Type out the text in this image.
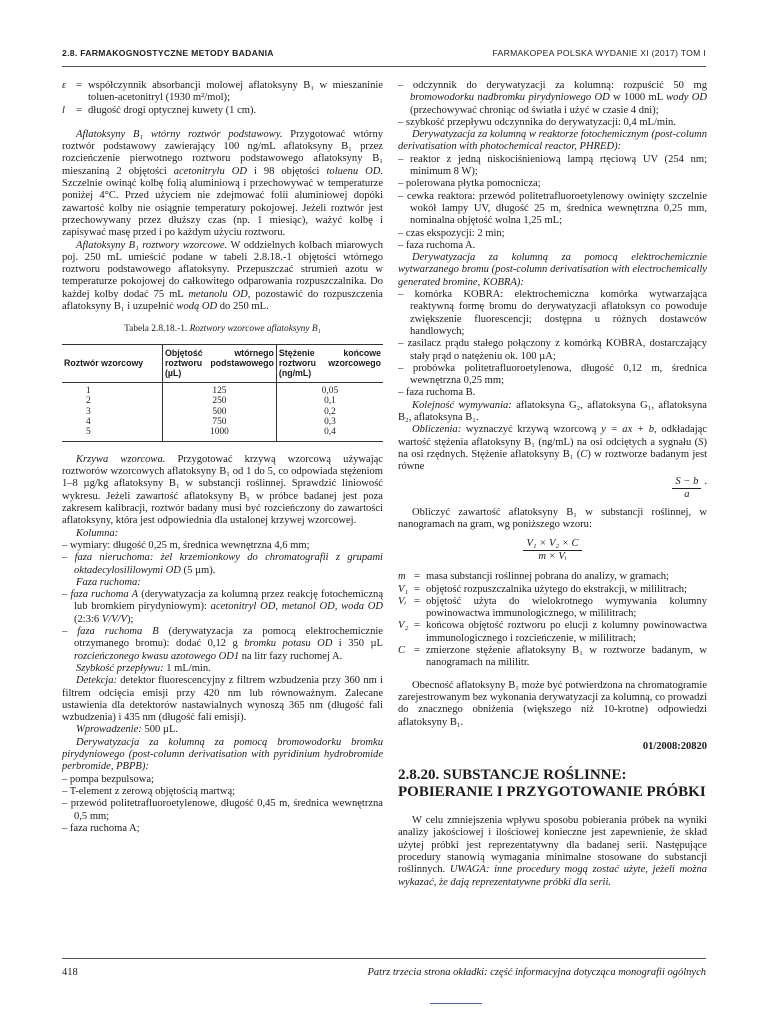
2.8. FARMAKOGNOSTYCZNE METODY BADANIA	FARMAKOPEA POLSKA WYDANIE XI (2017) TOM I
ε = współczynnik absorbancji molowej aflatoksyny B₁ w mieszaninie toluen-acetonitryl (1930 m²/mol);
l	= długość drogi optycznej kuwety (1 cm).

Aflatoksyny B₁ wtórny roztwór podstawowy. Przygotować wtórny roztwór podstawowy zawierający 100 ng/mL aflatoksyny B₁ przez rozcieńczenie pierwotnego roztworu podstawowego aflatoksyny B₁ mieszaniną 2 objętości acetonitrylu OD i 98 objętości toluenu OD. Szczelnie owinąć kolbę folią aluminiową i przechowywać w temperaturze poniżej 4°C. Przed użyciem nie zdejmować folii aluminiowej dopóki zawartość kolby nie osiągnie temperatury pokojowej. Jeżeli roztwór jest przechowywany przez dłuższy czas (np. 1 miesiąc), ważyć kolbę i zapisywać masę przed i po każdym użyciu roztworu.

Aflatoksyny B₁ roztwory wzorcowe. W oddzielnych kolbach miarowych poj. 250 mL umieścić podane w tabeli 2.8.18.-1 objętości wtórnego roztworu podstawowego aflatoksyny. Przepuszczać strumień azotu w temperaturze pokojowej do całkowitego odparowania rozpuszczalnika. Do każdej kolby dodać 75 mL metanolu OD, pozostawić do rozpuszczenia aflatoksyny B₁ i uzupełnić wodą OD do 250 mL.

Tabela 2.8.18.-1. Roztwory wzorcowe aflatoksyny B₁
Roztwór wzorcowy	Objętość wtórnego roztworu podstawowego (µL)	Stężenie końcowe roztworu wzorcowego (ng/mL)
1	125	0,05
2	250	0,1
3	500	0,2
4	750	0,3
5	1000	0,4

Krzywa wzorcowa. Przygotować krzywą wzorcową używając roztworów wzorcowych aflatoksyny B₁ od 1 do 5, co odpowiada stężeniom 1–8 µg/kg aflatoksyny B₁ w substancji roślinnej. Sprawdzić liniowość wykresu. Jeżeli zawartość aflatoksyny B₁ w próbce badanej jest poza zakresem kalibracji, roztwór badany musi być rozcieńczony do zawartości aflatoksyny, która jest odpowiednia dla ustalonej krzywej wzorcowej.

Kolumna:

– wymiary: długość 0,25 m, średnica wewnętrzna 4,6 mm;

– faza nieruchoma: żel krzemionkowy do chromatografii z grupami oktadecylosililowymi OD (5 µm).

Faza ruchoma:

– faza ruchoma A (derywatyzacja za kolumną przez reakcję fotochemiczną lub bromkiem pirydyniowym): acetonitryl OD, metanol OD, woda OD (2:3:6 V/V/V);

– faza ruchoma B (derywatyzacja za pomocą elektrochemicznie otrzymanego bromu): dodać 0,12 g bromku potasu OD i 350 µL rozcieńczonego kwasu azotowego OD1 na litr fazy ruchomej A.

Szybkość przepływu: 1 mL/min.

Detekcja: detektor fluorescencyjny z filtrem wzbudzenia przy 360 nm i filtrem odcięcia emisji przy 420 nm lub równoważnym. Zalecane ustawienia dla detektorów nastawialnych wynoszą 365 nm (długość fali wzbudzenia) i 435 nm (długość fali emisji).

Wprowadzenie: 500 µL.

Derywatyzacja za kolumną za pomocą bromowodorku bromku pirydyniowego (post-column derivatisation with pyridinium hydrobromide perbromide, PBPB):

– pompa bezpulsowa;

– T-element z zerową objętością martwą;

– przewód politetrafluoroetylenowe, długość 0,45 m, średnica wewnętrzna 0,5 mm;

– faza ruchoma A;

– odczynnik do derywatyzacji za kolumną: rozpuścić 50 mg bromowodorku nadbromku pirydyniowego OD w 1000 mL wody OD (przechowywać chroniąc od światła i użyć w czasie 4 dni);

– szybkość przepływu odczynnika do derywatyzacji: 0,4 mL/min.

Derywatyzacja za kolumną w reaktorze fotochemicznym (post-column derivatisation with photochemical reactor, PHRED):

– reaktor z jedną niskociśnieniową lampą rtęciową UV (254 nm; minimum 8 W);

– polerowana płytka pomocnicza;

– cewka reaktora: przewód politetrafluoroetylenowy owinięty szczelnie wokół lampy UV, długość 25 m, średnica wewnętrzna 0,25 mm, nominalna objętość wolna 1,25 mL;

– czas ekspozycji: 2 min;

– faza ruchoma A.

Derywatyzacja za kolumną za pomocą elektrochemicznie wytwarzanego bromu (post-column derivatisation with electrochemically generated bromine, KOBRA):

– komórka KOBRA: elektrochemiczna komórka wytwarzająca reaktywną formę bromu do derywatyzacji aflatoksyn co powoduje zwiększenie fluorescencji; dostępna u różnych dostawców handlowych;

– zasilacz prądu stałego połączony z komórką KOBRA, dostarczający stały prąd o natężeniu ok. 100 µA;

– probówka politetrafluoroetylenowa, długość 0,12 m, średnica wewnętrzna 0,25 mm;

– faza ruchoma B.

Kolejność wymywania: aflatoksyna G₂, aflatoksyna G₁, aflatoksyna B₂, aflatoksyna B₁.

Obliczenia: wyznaczyć krzywą wzorcową y = ax + b, odkładając wartość stężenia aflatoksyny B₁ (ng/mL) na osi odciętych a sygnału (S) na osi rzędnych. Stężenie aflatoksyny B₁ (C) w roztworze badanym jest równe

$\frac{S - b}{a}$ .

Obliczyć zawartość aflatoksyny B₁ w substancji roślinnej, w nanogramach na gram, wg poniższego wzoru:

$\frac{\text{V₁ × V₂ × C}}{\text{m × Vᵢ}}$
m = masa substancji roślinnej pobrana do analizy, w gramach;
V₁ = objętość rozpuszczalnika użytego do ekstrakcji, w mililitrach;
Vᵢ = objętość użyta do wielokrotnego wymywania kolumny powinowactwa immunologicznego, w mililitrach;
V₂ = końcowa objętość roztworu po elucji z kolumny powinowactwa immunologicznego i rozcieńczenie, w mililitrach;
C = zmierzone stężenie aflatoksyny B₁ w roztworze badanym, w nanogramach na mililitr.

Obecność aflatoksyny B₁ może być potwierdzona na chromatogramie zarejestrowanym bez wykonania derywatyzacji za kolumną, co prowadzi do znacznego obniżenia (większego niż 10-krotne) odpowiedzi aflatoksyny B₁.

01/2008:20820
2.8.20. SUBSTANCJE ROŚLINNE: POBIERANIE I PRZYGOTOWANIE PRÓBKI

W celu zmniejszenia wpływu sposobu pobierania próbek na wyniki analizy jakościowej i ilościowej konieczne jest zapewnienie, że skład użytej próbki jest reprezentatywny dla badanej serii. Następujące procedury stanowią wymagania minimalne stosowane do substancji roślinnych. UWAGA: inne procedury mogą zostać użyte, jeżeli można wykazać, że dają reprezentatywne próbki dla serii.

418	Patrz trzecia strona okładki: część informacyjna dotycząca monografii ogólnych
